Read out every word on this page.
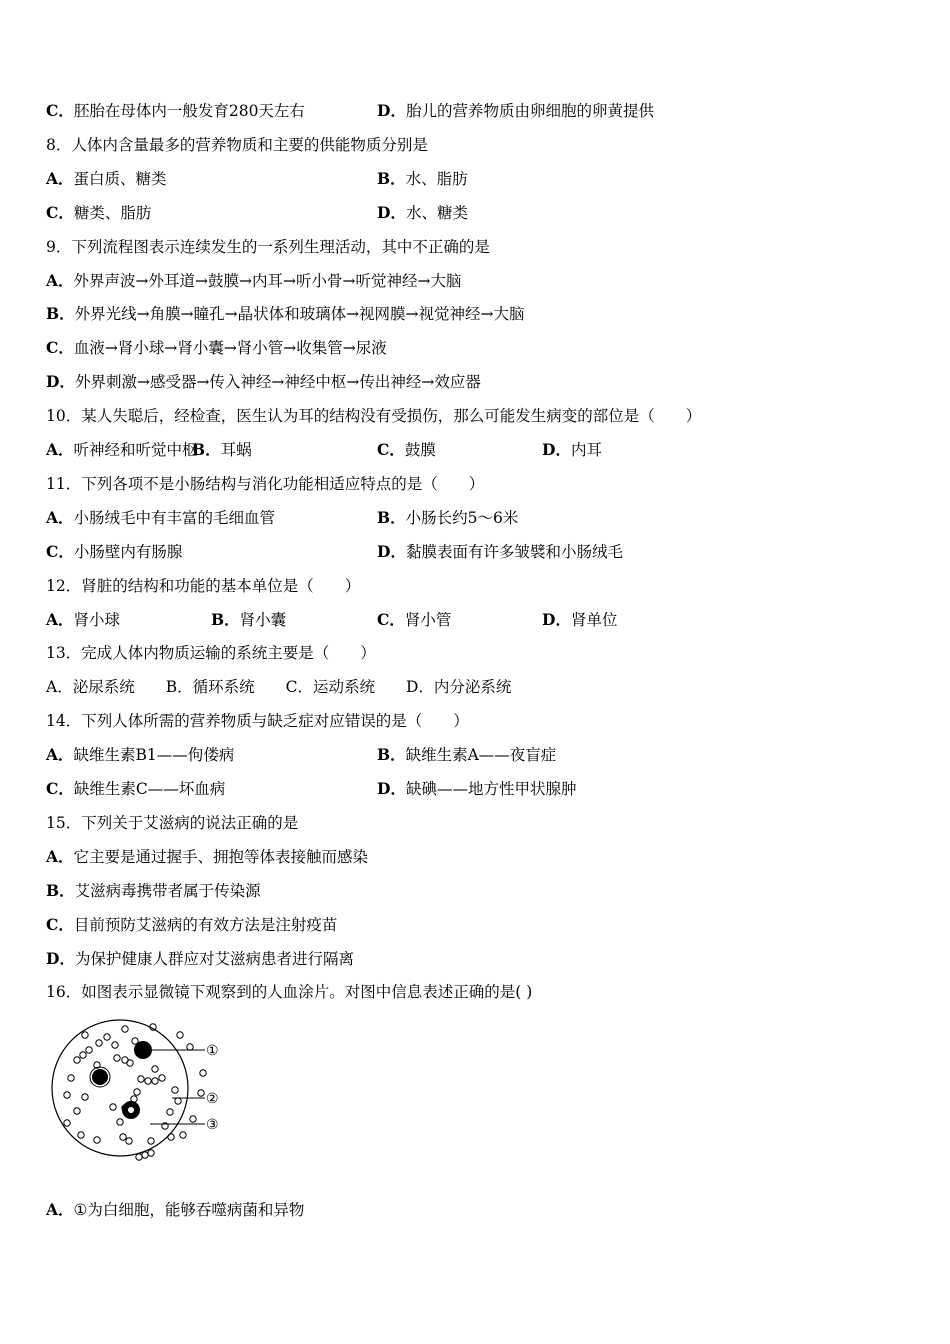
C．胚胎在母体内一般发育280天左右	D．胎儿的营养物质由卵细胞的卵黄提供
8．人体内含量最多的营养物质和主要的供能物质分别是
A．蛋白质、糖类	B．水、脂肪
C．糖类、脂肪	D．水、糖类
9．下列流程图表示连续发生的一系列生理活动，其中不正确的是
A．外界声波→外耳道→鼓膜→内耳→听小骨→听觉神经→大脑
B．外界光线→角膜→瞳孔→晶状体和玻璃体→视网膜→视觉神经→大脑
C．血液→肾小球→肾小囊→肾小管→收集管→尿液
D．外界刺激→感受器→传入神经→神经中枢→传出神经→效应器
10．某人失聪后，经检查，医生认为耳的结构没有受损伤，那么可能发生病变的部位是（　　）
A．听神经和听觉中枢
B．耳蜗	C．鼓膜	D．内耳
11．下列各项不是小肠结构与消化功能相适应特点的是（　　）
A．小肠绒毛中有丰富的毛细血管	B．小肠长约5～6米
C．小肠壁内有肠腺	D．黏膜表面有许多皱襞和小肠绒毛
12．肾脏的结构和功能的基本单位是（　　）
A．肾小球	B．肾小囊	C．肾小管	D．肾单位
13．完成人体内物质运输的系统主要是（　　）
A．泌尿系统　　B．循环系统　　C．运动系统　　D．内分泌系统
14．下列人体所需的营养物质与缺乏症对应错误的是（　　）
A．缺维生素B1——佝偻病	B．缺维生素A——夜盲症
C．缺维生素C——坏血病	D．缺碘——地方性甲状腺肿
15．下列关于艾滋病的说法正确的是
A．它主要是通过握手、拥抱等体表接触而感染
B．艾滋病毒携带者属于传染源
C．目前预防艾滋病的有效方法是注射疫苗
D．为保护健康人群应对艾滋病患者进行隔离
16．如图表示显微镜下观察到的人血涂片。对图中信息表述正确的是( )
①
②
③
A．①为白细胞，能够吞噬病菌和异物
